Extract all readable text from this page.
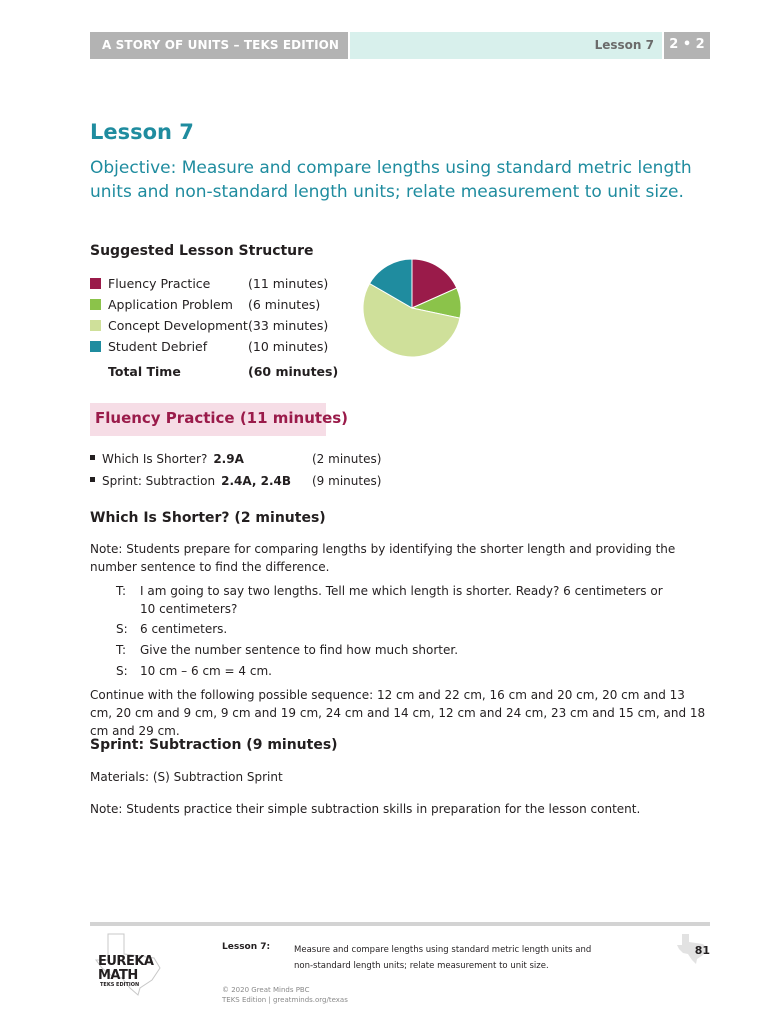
A STORY OF UNITS – TEKS EDITION	Lesson 7	2 • 2
Lesson 7
Objective: Measure and compare lengths using standard metric length units and non-standard length units; relate measurement to unit size.
Suggested Lesson Structure
Fluency Practice	(11 minutes)
Application Problem (6 minutes)
Concept Development (33 minutes)
Student Debrief	(10 minutes)
Total Time	(60 minutes)
Fluency Practice (11 minutes)
Which Is Shorter? 2.9A	(2 minutes)
Sprint: Subtraction 2.4A, 2.4B (9 minutes)
Which Is Shorter? (2 minutes)
Note: Students prepare for comparing lengths by identifying the shorter length and providing the number sentence to find the difference.
T: I am going to say two lengths. Tell me which length is shorter. Ready? 6 centimeters or 10 centimeters?
S: 6 centimeters.
T: Give the number sentence to find how much shorter.
S: 10 cm – 6 cm = 4 cm.
Continue with the following possible sequence: 12 cm and 22 cm, 16 cm and 20 cm, 20 cm and 13 cm, 20 cm and 9 cm, 9 cm and 19 cm, 24 cm and 14 cm, 12 cm and 24 cm, 23 cm and 15 cm, and 18 cm and 29 cm.
Sprint: Subtraction (9 minutes)
Materials: (S) Subtraction Sprint
Note: Students practice their simple subtraction skills in preparation for the lesson content.
EUREKA
MATH
TEKS EDITION
Lesson 7:	Measure and compare lengths using standard metric length units and non-standard length units; relate measurement to unit size.
© 2020 Great Minds PBC
TEKS Edition | greatminds.org/texas
81
